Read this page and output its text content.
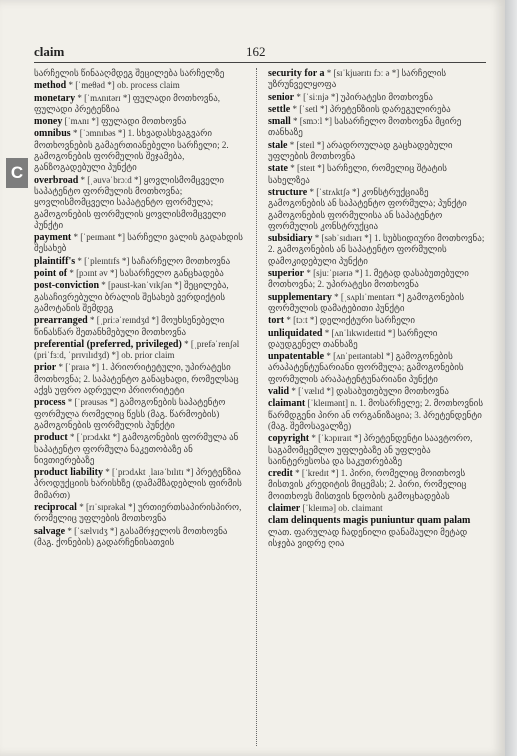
claim	162
C
სარჩელის წინააღმდეგ შეცილება სარჩელზე
method * [ˈmeθəd *] ob. process claim
monetary * [ˈmʌnɪtərɪ *] ფულადი მოთხოვნა, ფულადი პრეტენზია
money [ˈmʌnɪ *] ფულადი მოთხოვნა
omnibus * [ˈɔmnɪbəs *] 1. სხვადასხვაგვარი მოთხოვნების გამაერთიანებელი სარჩელი; 2. გამოგონების ფორმულის შეჯამება, განზოგადებული პუნქტი
overbroad * [ˌəuvəˈbrɔːd *] ყოვლისმომცველი საპატენტო ფორმულის მოთხოვნა; ყოვლისმომცველი საპატენტო ფორმულა; გამოგონების ფორმულის ყოვლისმომცველი პუნქტი
payment * [ˈpeɪmənt *] სარჩელი ვალის გადახდის შესახებ
plaintiff's * [ˈpleɪntɪfs *] საჩარჩელო მოთხოვნა
point of * [pɔɪnt əv *] სასარჩელო განცხადება
post-conviction * [pəust-kənˈvɪkʃən *] შეცილება, გასაჩივრებული ბრალის შესახებ ვერდიქტის გამოტანის შემდეგ
prearranged * [ˌpriːəˈreɪndʒd *] მოუხსენებელი წინასწარ შეთანხმებული მოთხოვნა
preferential (preferred, privileged) * [ˌprefəˈrenʃəl (priˈfɜːd, ˈprɪvɪlɪdʒd) *] ob. prior claim
prior * [ˈpraɪə *] 1. პრიორიტეტული, უპირატესი მოთხოვნა; 2. საპატენტო განაცხადი, რომელსაც აქვს უფრო ადრეული პრიორიტეტი
process * [ˈprəusəs *] გამოგონების საპატენტო ფორმულა რომელიც წესს (მაგ. წარმოების) გამოგონების ფორმულის პუნქტი
product * [ˈprɔdʌkt *] გამოგონების ფორმულა ან საპატენტო ფორმულა ნაკეთობაზე ან ნივთიერებაზე
product liability * [ˈprɔdʌkt ˌlaɪəˈbɪlɪtɪ *] პრეტენზია პროდუქციის ხარისხზე (დამამზადებლის ფირმის მიმართ)
reciprocal * [rɪˈsɪprəkəl *] ურთიერთსაპირისპირო, რომელიც უფლების მოთხოვნა
salvage * [ˈsælvɪdʒ *] გასამრჯელოს მოთხოვნა (მაგ. ქონების) გადარჩენისათვის
security for a * [sɪˈkjuərɪtɪ fɔː ə *] სარჩელის უზრუნველყოფა
senior * [ˈsiːnjə *] უპირატესი მოთხოვნა
settle * [ˈsetl *] პრეტენზიის დარეგულირება
small * [smɔːl *] სასარჩელო მოთხოვნა მცირე თანხაზე
stale * [steɪl *] არადროულად გაცხადებული უფლების მოთხოვნა
state * [steɪt *] სარჩელი, რომელიც შტატის სახელზეა
structure * [ˈstrʌktʃə *] კონსტრუქციაზე გამოგონების ან საპატენტო ფორმულა; პუნქტი გამოგონების ფორმულისა ან საპატენტო ფორმულის კონსტრუქცია
subsidiary * [səbˈsɪdɪərɪ *] 1. სუბსიდიური მოთხოვნა; 2. გამოგონების ან საპატენტო ფორმულის დამოკიდებული პუნქტი
superior * [sjuːˈpɪərɪə *] 1. მეტად დასაბუთებული მოთხოვნა; 2. უპირატესი მოთხოვნა
supplementary * [ˌsʌplɪˈmentərɪ *] გამოგონების ფორმულის დამატებითი პუნქტი
tort * [tɔːt *] დელიქტური სარჩელი
unliquidated * [ʌnˈlɪkwɪdeɪtɪd *] სარჩელი დაუდგენელ თანხაზე
unpatentable * [ʌnˈpeɪtəntəbl *] გამოგონების არაპატენტუნარიანი ფორმულა; გამოგონების ფორმულის არაპატენტუნარიანი პუნქტი
valid * [ˈvælɪd *] დასაბუთებული მოთხოვნა
claimant [ˈkleɪmənt] n. 1. მოსარჩელე; 2. მოთხოვნის წარმდგენი პირი ან ორგანიზაცია; 3. პრეტენდენტი (მაგ. შემოსავალზე)
copyright * [ˈkɔpɪraɪt *] პრეტენდენტი საავტორო, საგამომცემლო უფლებაზე ან უფლება საინტერესოსა და საკუთრებაზე
credit * [ˈkredɪt *] 1. პირი, რომელიც მოითხოვს მისთვის კრედიტის მიცემას; 2. პირი, რომელიც მოითხოვს მისთვის ნდობის გამოცხადებას
claimer [ˈkleɪmə] ob. claimant
clam delinquents magis puniuntur quam palam ლათ. ფარულად ჩადენილი დანაშაული მეტად ისჯება ვიდრე ღია
